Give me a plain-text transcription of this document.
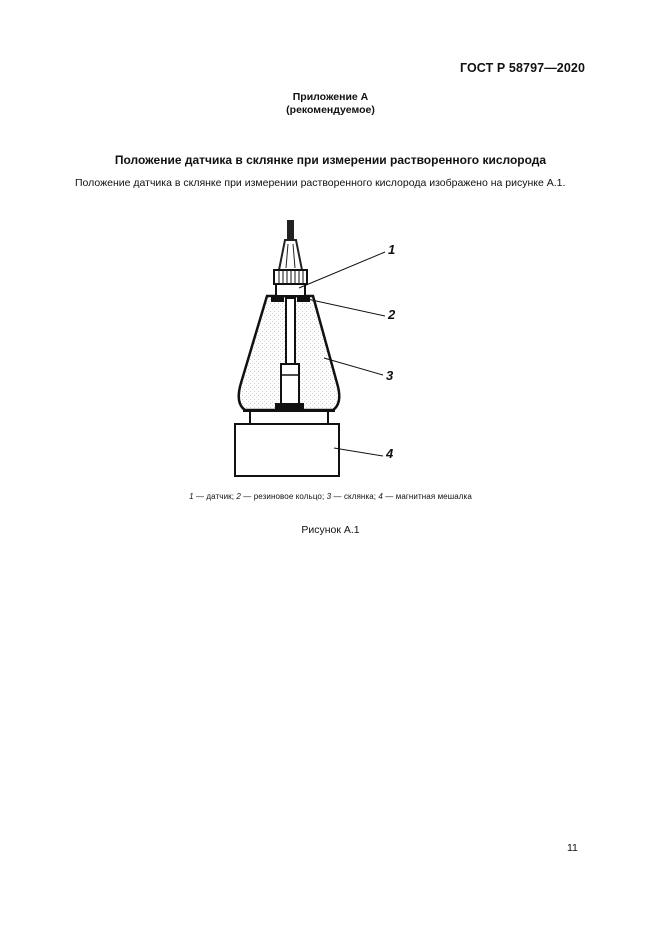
ГОСТ Р 58797—2020
Приложение А
(рекомендуемое)
Положение датчика в склянке при измерении растворенного кислорода
Положение датчика в склянке при измерении растворенного кислорода изображено на рисунке А.1.
1
2
3
4
1 — датчик; 2 — резиновое кольцо; 3 — склянка; 4 — магнитная мешалка
Рисунок А.1
11
